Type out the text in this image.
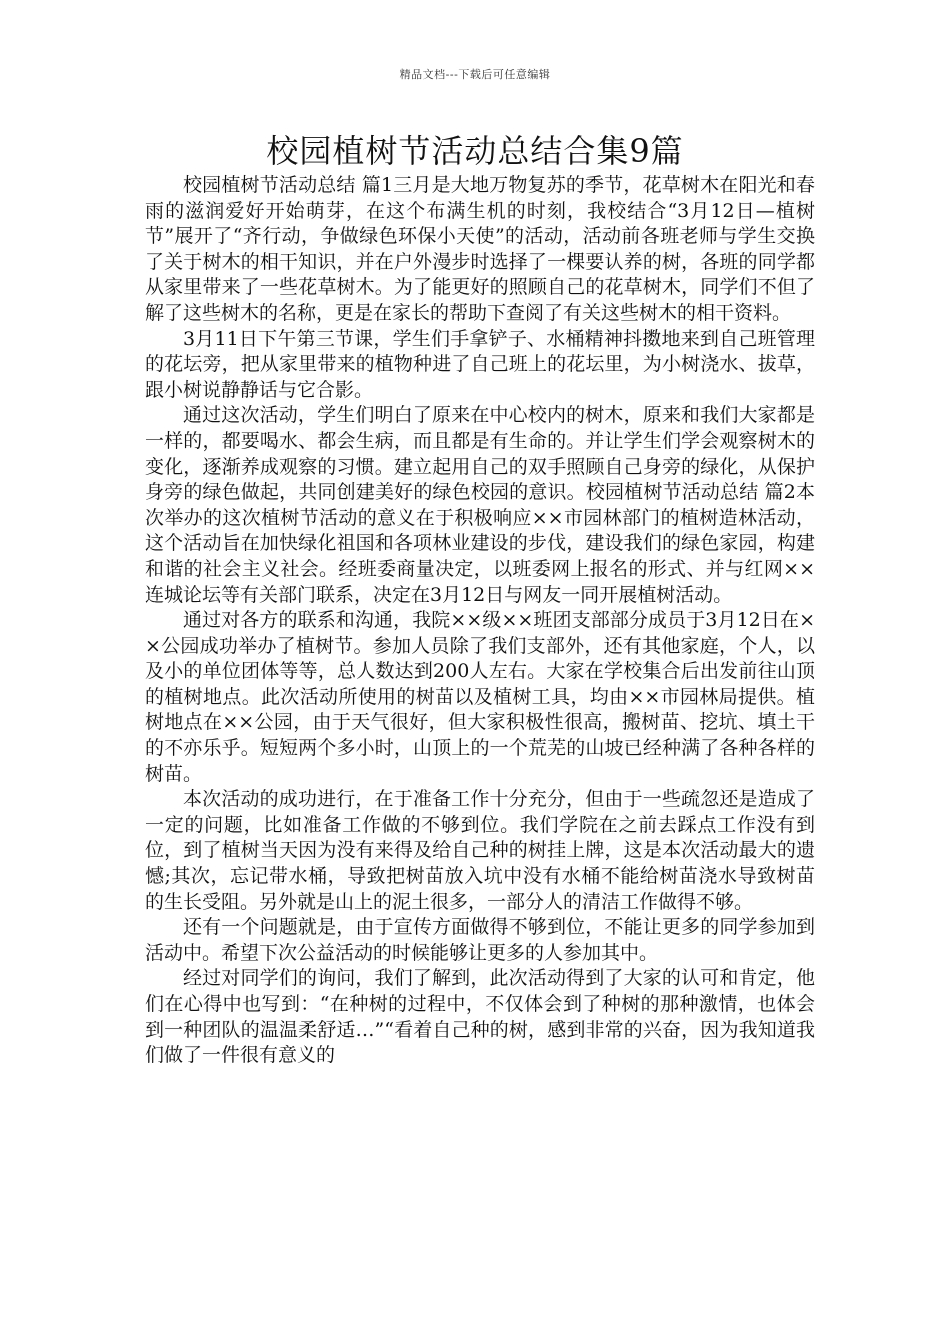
精品文档---下载后可任意编辑
校园植树节活动总结合集9篇

校园植树节活动总结 篇1三月是大地万物复苏的季节，花草树木在阳光和春雨的滋润爱好开始萌芽，在这个布满生机的时刻，我校结合“3月12日—植树节”展开了“齐行动，争做绿色环保小天使”的活动，活动前各班老师与学生交换了关于树木的相干知识，并在户外漫步时选择了一棵要认养的树，各班的同学都从家里带来了一些花草树木。为了能更好的照顾自己的花草树木，同学们不但了解了这些树木的名称，更是在家长的帮助下查阅了有关这些树木的相干资料。

3月11日下午第三节课，学生们手拿铲子、水桶精神抖擞地来到自己班管理的花坛旁，把从家里带来的植物种进了自己班上的花坛里，为小树浇水、拔草，跟小树说静静话与它合影。

通过这次活动，学生们明白了原来在中心校内的树木，原来和我们大家都是一样的，都要喝水、都会生病，而且都是有生命的。并让学生们学会观察树木的变化，逐渐养成观察的习惯。建立起用自己的双手照顾自己身旁的绿化，从保护身旁的绿色做起，共同创建美好的绿色校园的意识。校园植树节活动总结 篇2本次举办的这次植树节活动的意义在于积极响应××市园林部门的植树造林活动，这个活动旨在加快绿化祖国和各项林业建设的步伐，建设我们的绿色家园，构建和谐的社会主义社会。经班委商量决定，以班委网上报名的形式、并与红网××连城论坛等有关部门联系，决定在3月12日与网友一同开展植树活动。

通过对各方的联系和沟通，我院××级××班团支部部分成员于3月12日在××公园成功举办了植树节。参加人员除了我们支部外，还有其他家庭，个人，以及小的单位团体等等，总人数达到200人左右。大家在学校集合后出发前往山顶的植树地点。此次活动所使用的树苗以及植树工具，均由××市园林局提供。植树地点在××公园，由于天气很好，但大家积极性很高，搬树苗、挖坑、填土干的不亦乐乎。短短两个多小时，山顶上的一个荒芜的山坡已经种满了各种各样的树苗。

本次活动的成功进行，在于准备工作十分充分，但由于一些疏忽还是造成了一定的问题，比如准备工作做的不够到位。我们学院在之前去踩点工作没有到位，到了植树当天因为没有来得及给自己种的树挂上牌，这是本次活动最大的遗憾;其次，忘记带水桶，导致把树苗放入坑中没有水桶不能给树苗浇水导致树苗的生长受阻。另外就是山上的泥土很多，一部分人的清洁工作做得不够。

还有一个问题就是，由于宣传方面做得不够到位，不能让更多的同学参加到活动中。希望下次公益活动的时候能够让更多的人参加其中。

经过对同学们的询问，我们了解到，此次活动得到了大家的认可和肯定，他们在心得中也写到：“在种树的过程中，不仅体会到了种树的那种激情，也体会到一种团队的温温柔舒适…”“看着自己种的树，感到非常的兴奋，因为我知道我们做了一件很有意义的
